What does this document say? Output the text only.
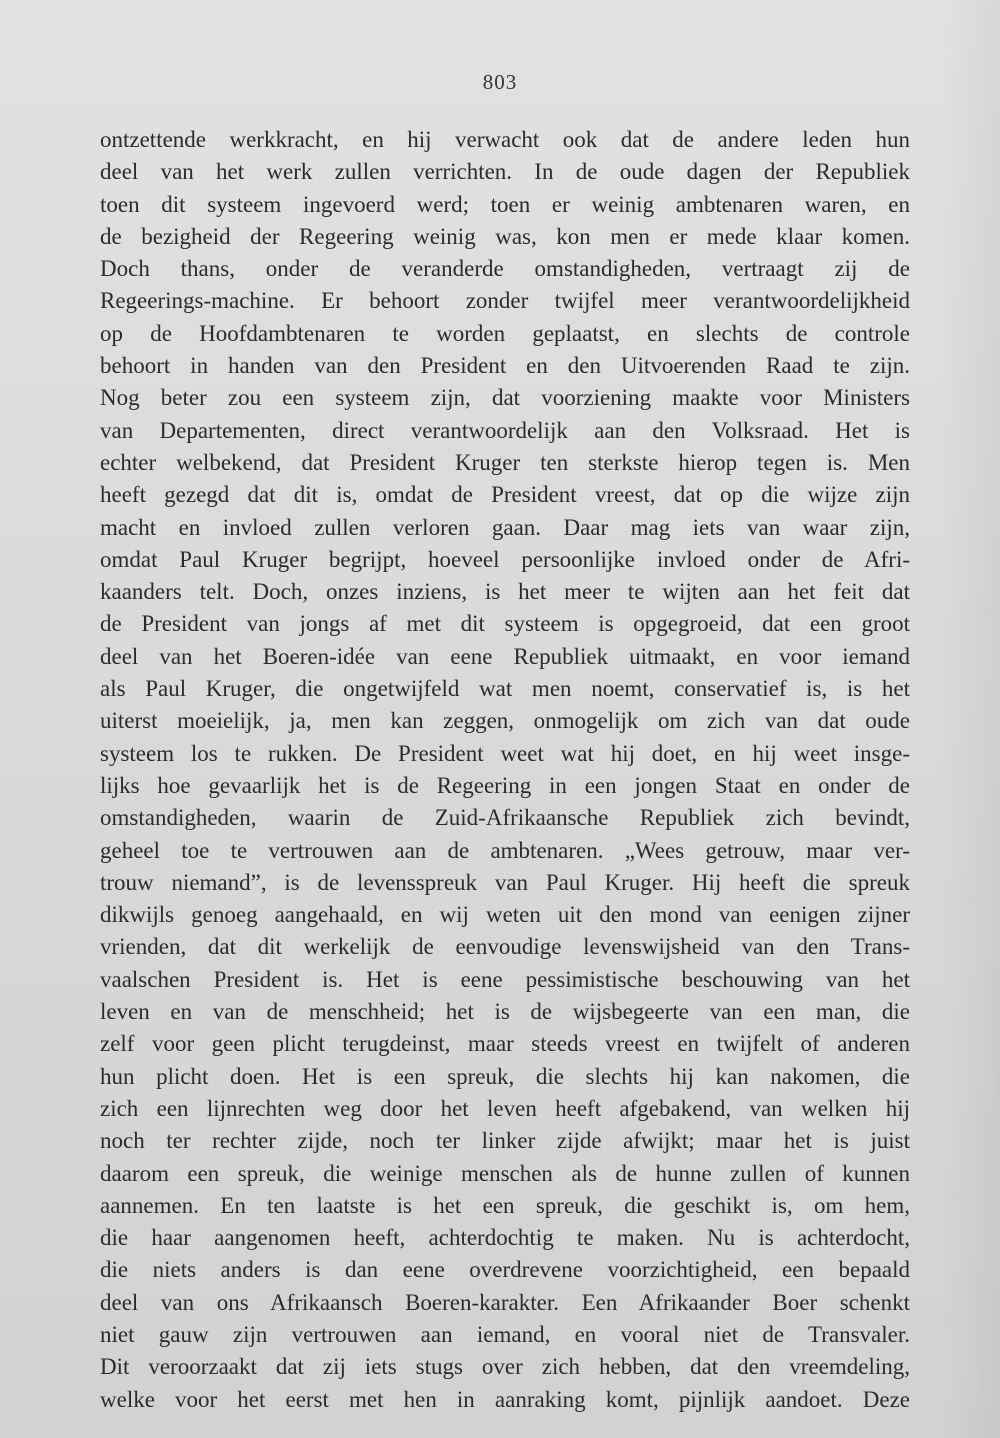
803
ontzettende werkkracht, en hij verwacht ook dat de andere leden hun
deel van het werk zullen verrichten. In de oude dagen der Republiek
toen dit systeem ingevoerd werd; toen er weinig ambtenaren waren, en
de bezigheid der Regeering weinig was, kon men er mede klaar komen.
Doch thans, onder de veranderde omstandigheden, vertraagt zij de
Regeerings-machine. Er behoort zonder twijfel meer verantwoordelijkheid
op de Hoofdambtenaren te worden geplaatst, en slechts de controle
behoort in handen van den President en den Uitvoerenden Raad te zijn.
Nog beter zou een systeem zijn, dat voorziening maakte voor Ministers
van Departementen, direct verantwoordelijk aan den Volksraad. Het is
echter welbekend, dat President Kruger ten sterkste hierop tegen is. Men
heeft gezegd dat dit is, omdat de President vreest, dat op die wijze zijn
macht en invloed zullen verloren gaan. Daar mag iets van waar zijn,
omdat Paul Kruger begrijpt, hoeveel persoonlijke invloed onder de Afri-
kaanders telt. Doch, onzes inziens, is het meer te wijten aan het feit dat
de President van jongs af met dit systeem is opgegroeid, dat een groot
deel van het Boeren-idée van eene Republiek uitmaakt, en voor iemand
als Paul Kruger, die ongetwijfeld wat men noemt, conservatief is, is het
uiterst moeielijk, ja, men kan zeggen, onmogelijk om zich van dat oude
systeem los te rukken. De President weet wat hij doet, en hij weet insge-
lijks hoe gevaarlijk het is de Regeering in een jongen Staat en onder de
omstandigheden, waarin de Zuid-Afrikaansche Republiek zich bevindt,
geheel toe te vertrouwen aan de ambtenaren. „Wees getrouw, maar ver-
trouw niemand”, is de levensspreuk van Paul Kruger. Hij heeft die spreuk
dikwijls genoeg aangehaald, en wij weten uit den mond van eenigen zijner
vrienden, dat dit werkelijk de eenvoudige levenswijsheid van den Trans-
vaalschen President is. Het is eene pessimistische beschouwing van het
leven en van de menschheid; het is de wijsbegeerte van een man, die
zelf voor geen plicht terugdeinst, maar steeds vreest en twijfelt of anderen
hun plicht doen. Het is een spreuk, die slechts hij kan nakomen, die
zich een lijnrechten weg door het leven heeft afgebakend, van welken hij
noch ter rechter zijde, noch ter linker zijde afwijkt; maar het is juist
daarom een spreuk, die weinige menschen als de hunne zullen of kunnen
aannemen. En ten laatste is het een spreuk, die geschikt is, om hem,
die haar aangenomen heeft, achterdochtig te maken. Nu is achterdocht,
die niets anders is dan eene overdrevene voorzichtigheid, een bepaald
deel van ons Afrikaansch Boeren-karakter. Een Afrikaander Boer schenkt
niet gauw zijn vertrouwen aan iemand, en vooral niet de Transvaler.
Dit veroorzaakt dat zij iets stugs over zich hebben, dat den vreemdeling,
welke voor het eerst met hen in aanraking komt, pijnlijk aandoet. Deze
